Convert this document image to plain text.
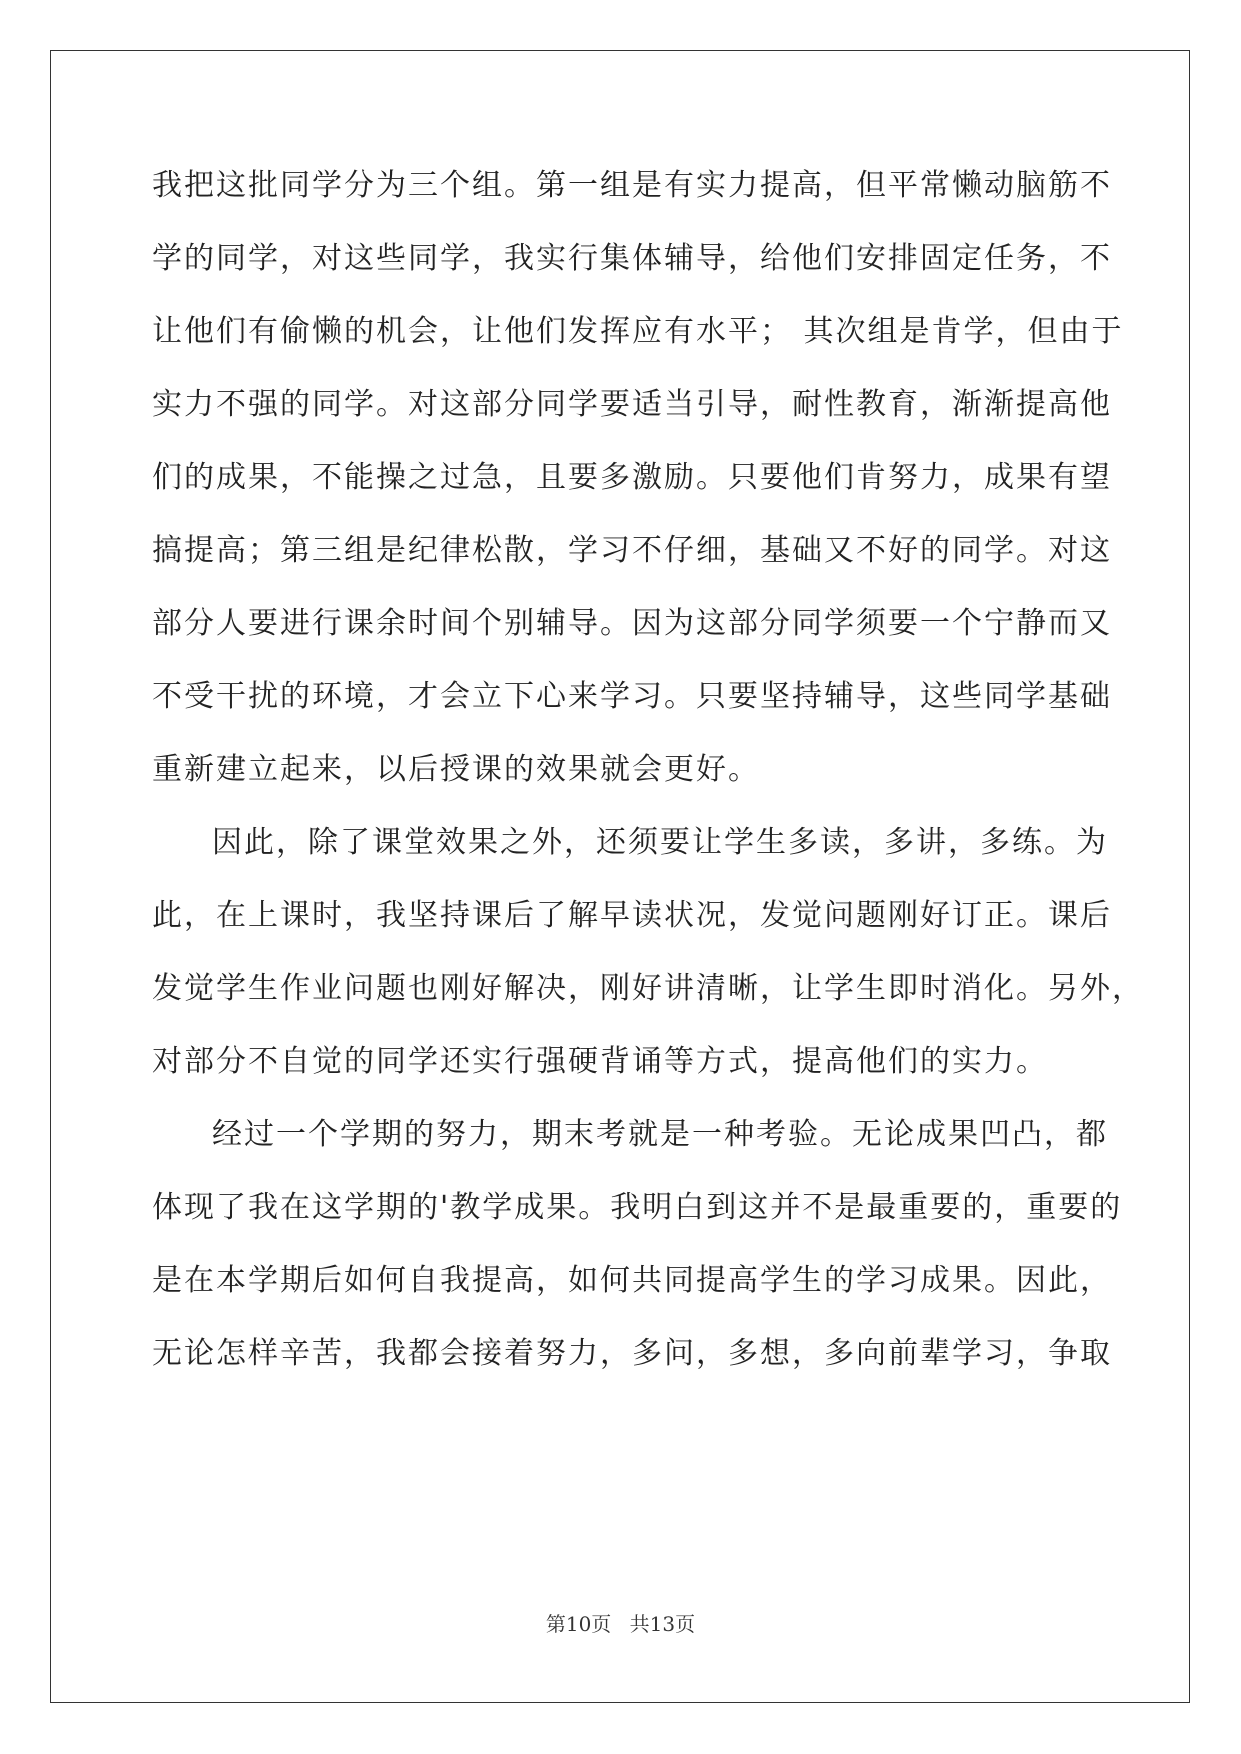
我把这批同学分为三个组。第一组是有实力提高，但平常懒动脑筋不
学的同学，对这些同学，我实行集体辅导，给他们安排固定任务，不
让他们有偷懒的机会，让他们发挥应有水平； 其次组是肯学，但由于
实力不强的同学。对这部分同学要适当引导，耐性教育，渐渐提高他
们的成果，不能操之过急，且要多激励。只要他们肯努力，成果有望
搞提高；第三组是纪律松散，学习不仔细，基础又不好的同学。对这
部分人要进行课余时间个别辅导。因为这部分同学须要一个宁静而又
不受干扰的环境，才会立下心来学习。只要坚持辅导，这些同学基础
重新建立起来，以后授课的效果就会更好。
因此，除了课堂效果之外，还须要让学生多读，多讲，多练。为
此，在上课时，我坚持课后了解早读状况，发觉问题刚好订正。课后
发觉学生作业问题也刚好解决，刚好讲清晰，让学生即时消化。另外，
对部分不自觉的同学还实行强硬背诵等方式，提高他们的实力。
经过一个学期的努力，期末考就是一种考验。无论成果凹凸，都
体现了我在这学期的'教学成果。我明白到这并不是最重要的，重要的
是在本学期后如何自我提高，如何共同提高学生的学习成果。因此，
无论怎样辛苦，我都会接着努力，多问，多想，多向前辈学习，争取
第10页 共13页
